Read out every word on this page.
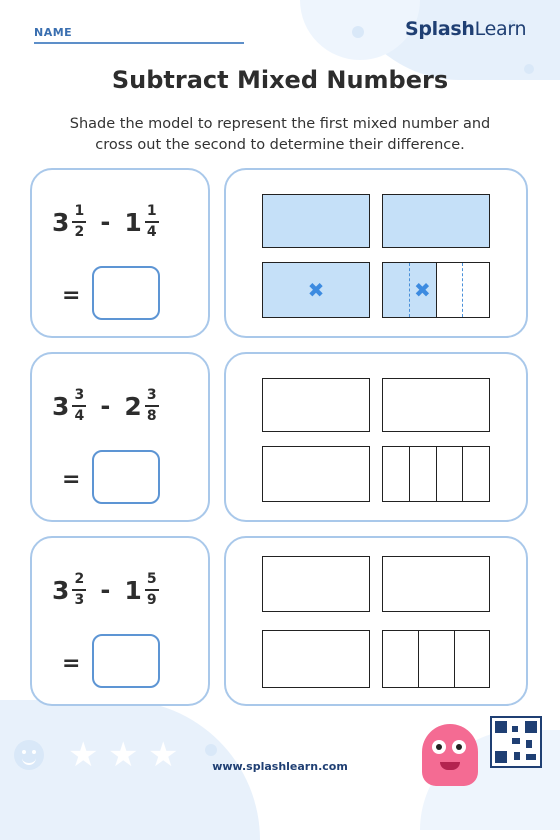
NAME	SplashLearn
Subtract Mixed Numbers
Shade the model to represent the first mixed number and
cross out the second to determine their difference.
$3 \frac{1}{2} - 1 \frac{1}{4}$
=	✖	✖
$3 \frac{3}{4} - 2 \frac{3}{8}$
=
$3 \frac{2}{3} - 1 \frac{5}{9}$
=
★ ★ ★	www.splashlearn.com
